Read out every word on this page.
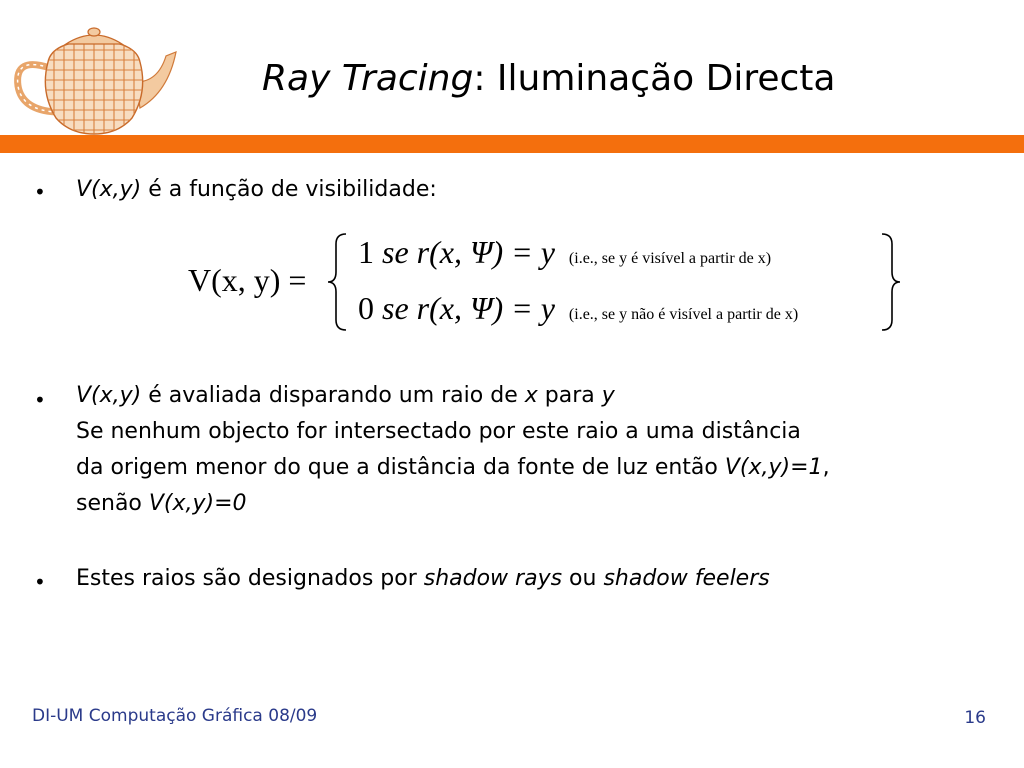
Ray Tracing: Iluminação Directa
• V(x,y) é a função de visibilidade:
V(x, y) =
1 se r(x, Ψ) = y (i.e., se y é visível a partir de x)
0 se r(x, Ψ) = y (i.e., se y não é visível a partir de x)
• V(x,y) é avaliada disparando um raio de x para y
Se nenhum objecto for intersectado por este raio a uma distância
da origem menor do que a distância da fonte de luz então V(x,y)=1,
senão V(x,y)=0
• Estes raios são designados por shadow rays ou shadow feelers
DI-UM Computação Gráfica 08/09	16
